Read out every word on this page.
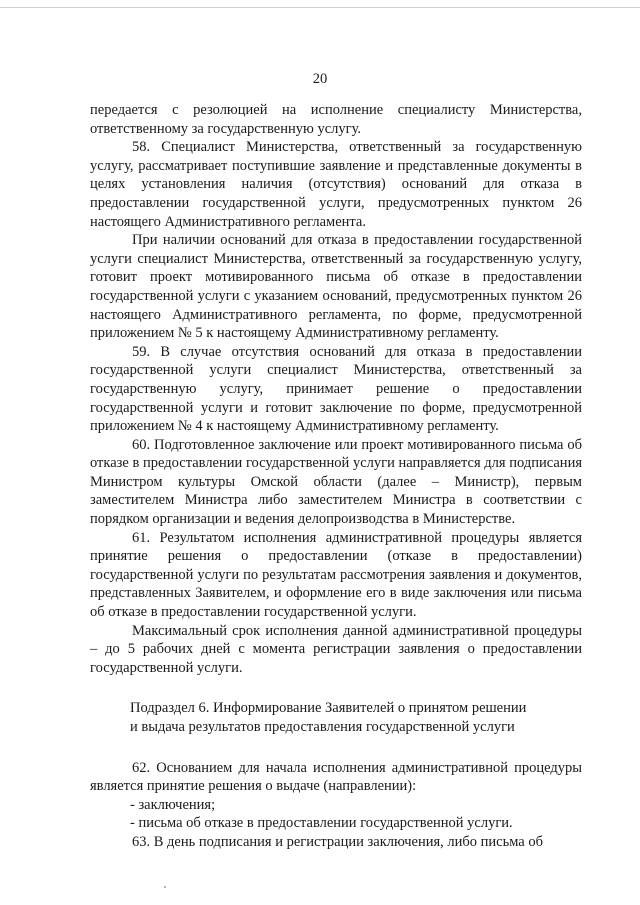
20

передается с резолюцией на исполнение специалисту Министерства, ответственному за государственную услугу.

58. Специалист Министерства, ответственный за государственную услугу, рассматривает поступившие заявление и представленные документы в целях установления наличия (отсутствия) оснований для отказа в предоставлении государственной услуги, предусмотренных пунктом 26 настоящего Административного регламента.

При наличии оснований для отказа в предоставлении государственной услуги специалист Министерства, ответственный за государственную услугу, готовит проект мотивированного письма об отказе в предоставлении государственной услуги с указанием оснований, предусмотренных пунктом 26 настоящего Административного регламента, по форме, предусмотренной приложением № 5 к настоящему Административному регламенту.

59. В случае отсутствия оснований для отказа в предоставлении государственной услуги специалист Министерства, ответственный за государственную услугу, принимает решение о предоставлении государственной услуги и готовит заключение по форме, предусмотренной приложением № 4 к настоящему Административному регламенту.

60. Подготовленное заключение или проект мотивированного письма об отказе в предоставлении государственной услуги направляется для подписания Министром культуры Омской области (далее – Министр), первым заместителем Министра либо заместителем Министра в соответствии с порядком организации и ведения делопроизводства в Министерстве.

61. Результатом исполнения административной процедуры является принятие решения о предоставлении (отказе в предоставлении) государственной услуги по результатам рассмотрения заявления и документов, представленных Заявителем, и оформление его в виде заключения или письма об отказе в предоставлении государственной услуги.

Максимальный срок исполнения данной административной процедуры – до 5 рабочих дней с момента регистрации заявления о предоставлении государственной услуги.

Подраздел 6. Информирование Заявителей о принятом решении
и выдача результатов предоставления государственной услуги

62. Основанием для начала исполнения административной процедуры является принятие решения о выдаче (направлении):

- заключения;

- письма об отказе в предоставлении государственной услуги.

63. В день подписания и регистрации заключения, либо письма об
